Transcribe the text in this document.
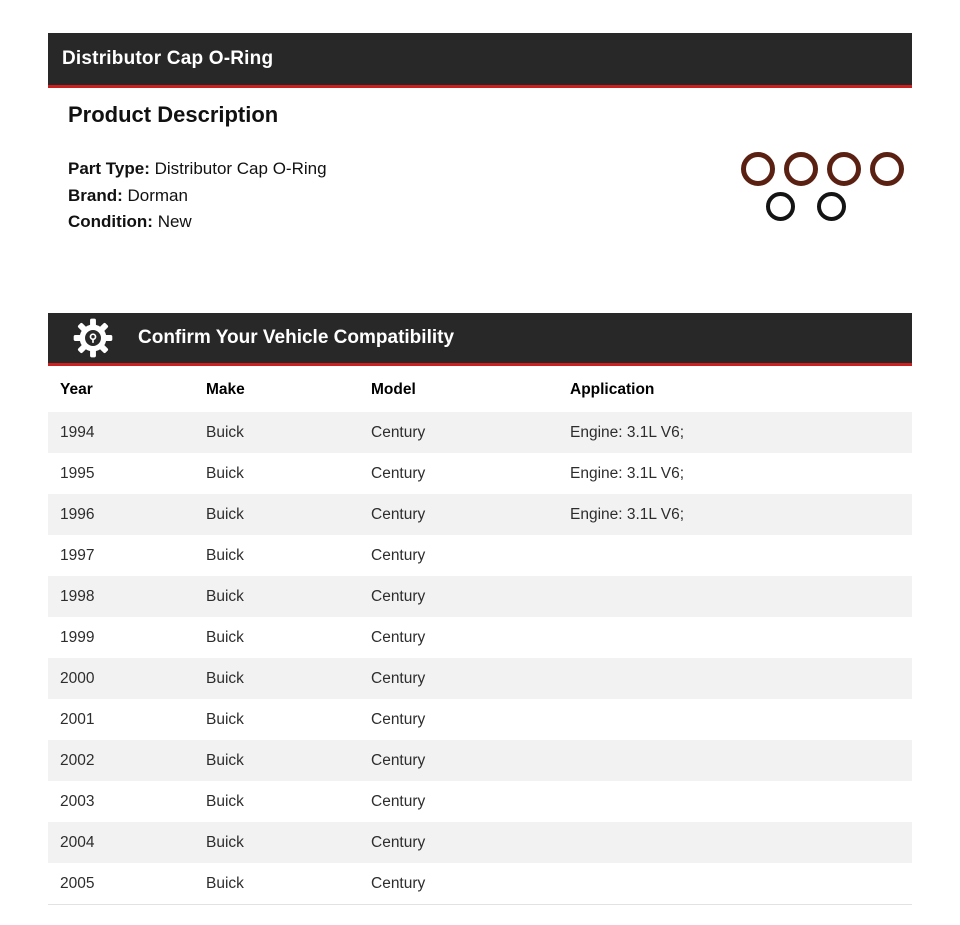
Distributor Cap O-Ring
Product Description
Part Type: Distributor Cap O-Ring
Brand: Dorman
Condition: New
Confirm Your Vehicle Compatibility
Year	Make	Model	Application
1994	Buick	Century	Engine: 3.1L V6;
1995	Buick	Century	Engine: 3.1L V6;
1996	Buick	Century	Engine: 3.1L V6;
1997	Buick	Century	
1998	Buick	Century	
1999	Buick	Century	
2000	Buick	Century	
2001	Buick	Century	
2002	Buick	Century	
2003	Buick	Century	
2004	Buick	Century	
2005	Buick	Century	
